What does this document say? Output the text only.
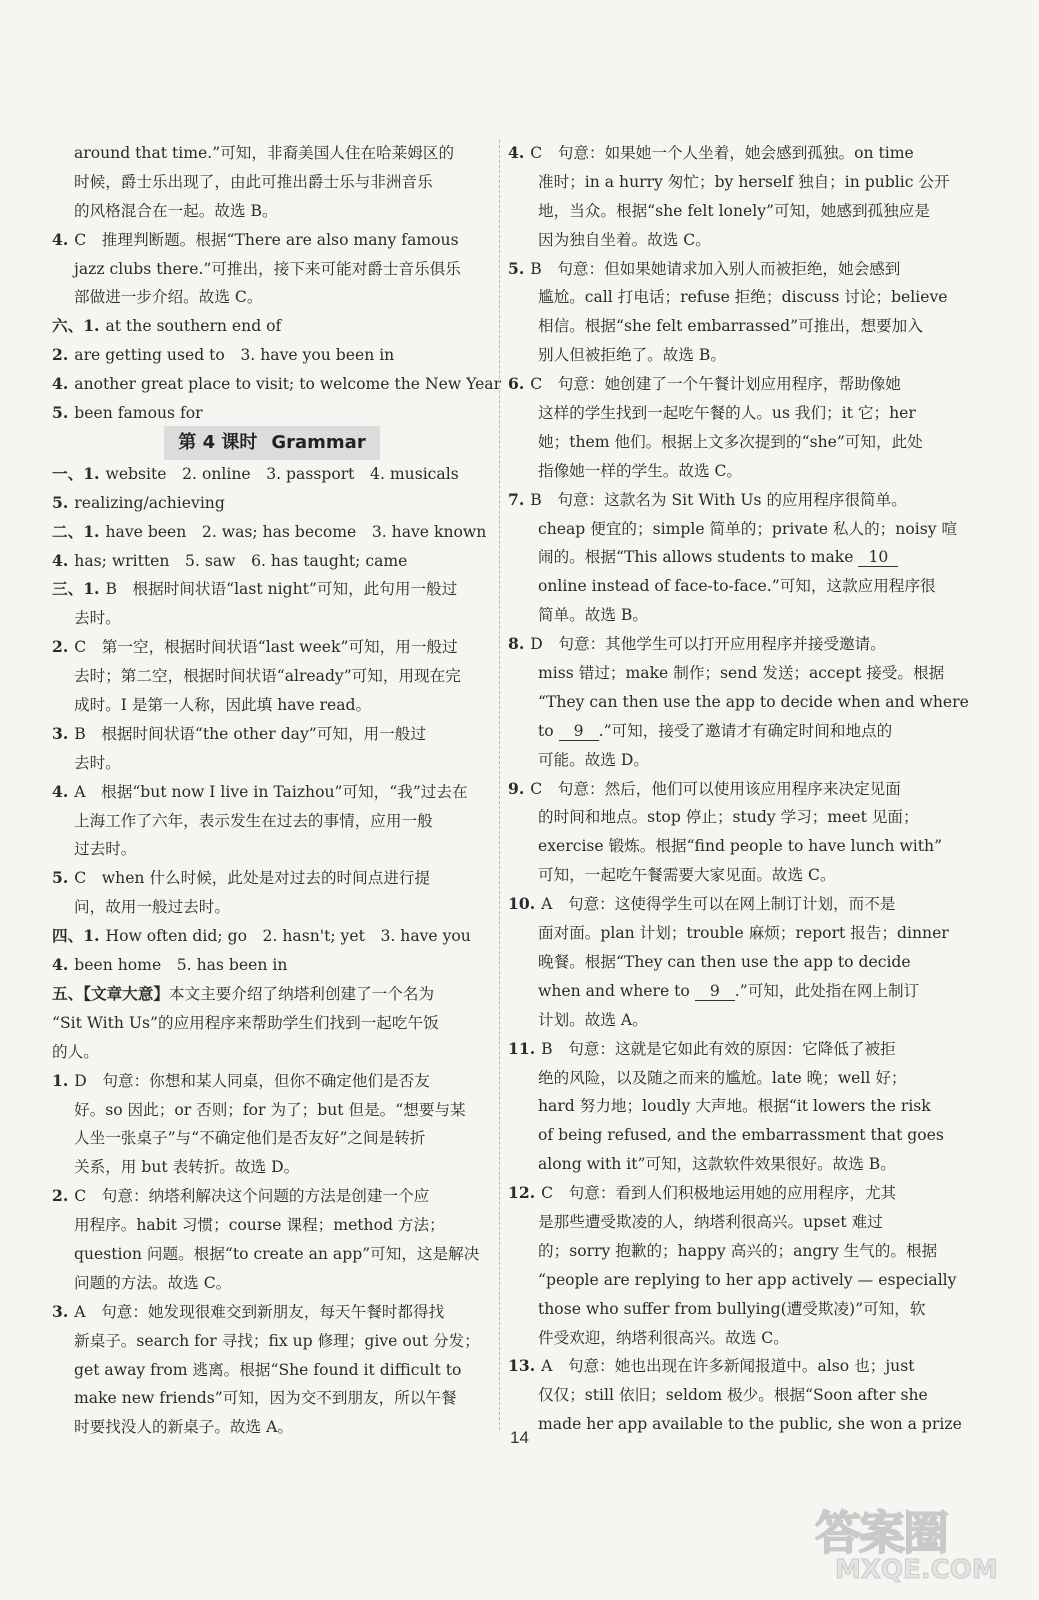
around that time.”可知，非裔美国人住在哈莱姆区的
时候，爵士乐出现了，由此可推出爵士乐与非洲音乐
的风格混合在一起。故选 B。
4. C　推理判断题。根据“There are also many famous
jazz clubs there.”可推出，接下来可能对爵士音乐俱乐
部做进一步介绍。故选 C。
六、1. at the southern end of
2. are getting used to　3. have you been in
4. another great place to visit; to welcome the New Year
5. been famous for
第 4 课时 Grammar
一、1. website　2. online　3. passport　4. musicals
5. realizing/achieving
二、1. have been　2. was; has become　3. have known
4. has; written　5. saw　6. has taught; came
三、1. B　根据时间状语“last night”可知，此句用一般过
去时。
2. C　第一空，根据时间状语“last week”可知，用一般过
去时；第二空，根据时间状语“already”可知，用现在完
成时。I 是第一人称，因此填 have read。
3. B　根据时间状语“the other day”可知，用一般过
去时。
4. A　根据“but now I live in Taizhou”可知，“我”过去在
上海工作了六年，表示发生在过去的事情，应用一般
过去时。
5. C　when 什么时候，此处是对过去的时间点进行提
问，故用一般过去时。
四、1. How often did; go　2. hasn't; yet　3. have you
4. been home　5. has been in
五、【文章大意】本文主要介绍了纳塔利创建了一个名为
“Sit With Us”的应用程序来帮助学生们找到一起吃午饭
的人。
1. D　句意：你想和某人同桌，但你不确定他们是否友
好。so 因此；or 否则；for 为了；but 但是。“想要与某
人坐一张桌子”与“不确定他们是否友好”之间是转折
关系，用 but 表转折。故选 D。
2. C　句意：纳塔利解决这个问题的方法是创建一个应
用程序。habit 习惯；course 课程；method 方法；
question 问题。根据“to create an app”可知，这是解决
问题的方法。故选 C。
3. A　句意：她发现很难交到新朋友，每天午餐时都得找
新桌子。search for 寻找；fix up 修理；give out 分发；
get away from 逃离。根据“She found it difficult to
make new friends”可知，因为交不到朋友，所以午餐
时要找没人的新桌子。故选 A。
4. C　句意：如果她一个人坐着，她会感到孤独。on time
准时；in a hurry 匆忙；by herself 独自；in public 公开
地，当众。根据“she felt lonely”可知，她感到孤独应是
因为独自坐着。故选 C。
5. B　句意：但如果她请求加入别人而被拒绝，她会感到
尴尬。call 打电话；refuse 拒绝；discuss 讨论；believe
相信。根据“she felt embarrassed”可推出，想要加入
别人但被拒绝了。故选 B。
6. C　句意：她创建了一个午餐计划应用程序，帮助像她
这样的学生找到一起吃午餐的人。us 我们；it 它；her
她；them 他们。根据上文多次提到的“she”可知，此处
指像她一样的学生。故选 C。
7. B　句意：这款名为 Sit With Us 的应用程序很简单。
cheap 便宜的；simple 简单的；private 私人的；noisy 喧
闹的。根据“This allows students to make 10
online instead of face-to-face.”可知，这款应用程序很
简单。故选 B。
8. D　句意：其他学生可以打开应用程序并接受邀请。
miss 错过；make 制作；send 发送；accept 接受。根据
“They can then use the app to decide when and where
to 9 .”可知，接受了邀请才有确定时间和地点的
可能。故选 D。
9. C　句意：然后，他们可以使用该应用程序来决定见面
的时间和地点。stop 停止；study 学习；meet 见面；
exercise 锻炼。根据“find people to have lunch with”
可知，一起吃午餐需要大家见面。故选 C。
10. A　句意：这使得学生可以在网上制订计划，而不是
面对面。plan 计划；trouble 麻烦；report 报告；dinner
晚餐。根据“They can then use the app to decide
when and where to 9 .”可知，此处指在网上制订
计划。故选 A。
11. B　句意：这就是它如此有效的原因：它降低了被拒
绝的风险，以及随之而来的尴尬。late 晚；well 好；
hard 努力地；loudly 大声地。根据“it lowers the risk
of being refused, and the embarrassment that goes
along with it”可知，这款软件效果很好。故选 B。
12. C　句意：看到人们积极地运用她的应用程序，尤其
是那些遭受欺凌的人，纳塔利很高兴。upset 难过
的；sorry 抱歉的；happy 高兴的；angry 生气的。根据
“people are replying to her app actively — especially
those who suffer from bullying(遭受欺凌)”可知，软
件受欢迎，纳塔利很高兴。故选 C。
13. A　句意：她也出现在许多新闻报道中。also 也；just
仅仅；still 依旧；seldom 极少。根据“Soon after she
made her app available to the public, she won a prize
14
答案圈
MXQE.COM
